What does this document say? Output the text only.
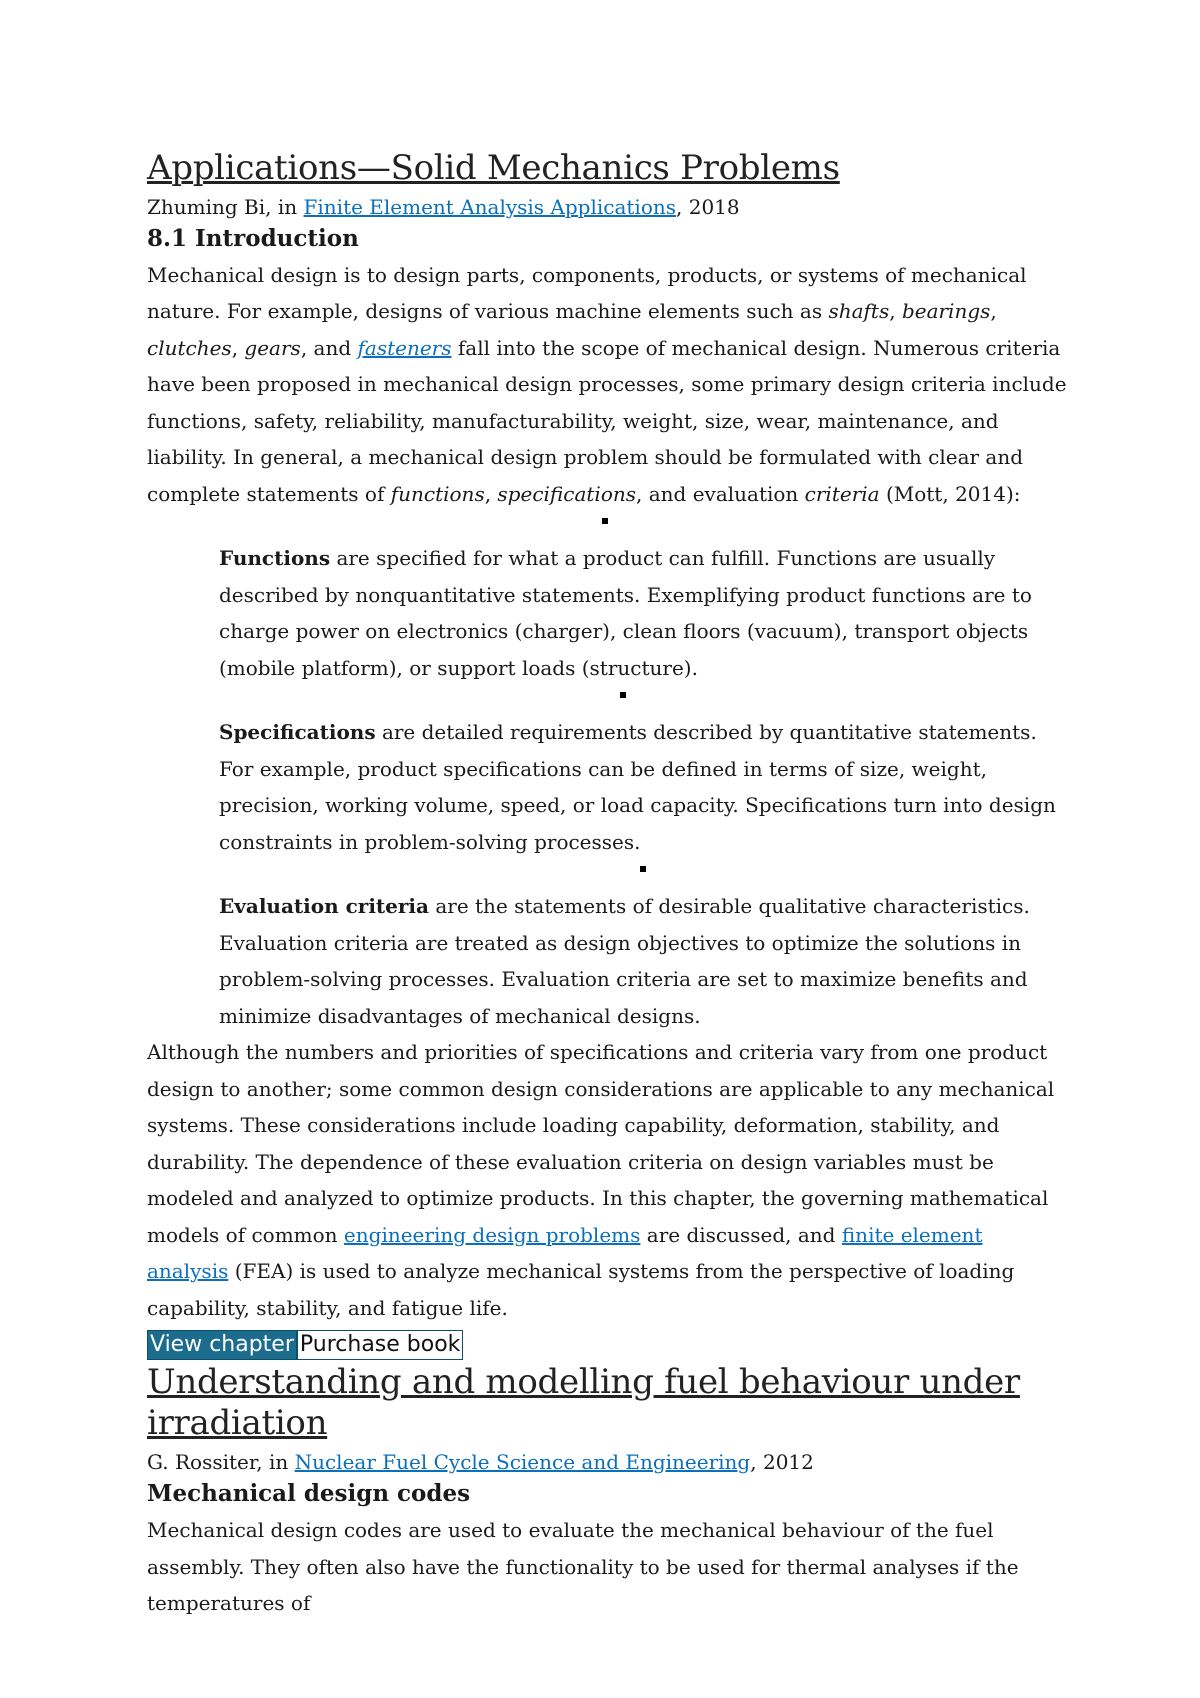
Applications—Solid Mechanics Problems

Zhuming Bi, in Finite Element Analysis Applications, 2018

8.1 Introduction

Mechanical design is to design parts, components, products, or systems of mechanical nature. For example, designs of various machine elements such as shafts, bearings, clutches, gears, and fasteners fall into the scope of mechanical design. Numerous criteria have been proposed in mechanical design processes, some primary design criteria include functions, safety, reliability, manufacturability, weight, size, wear, maintenance, and liability. In general, a mechanical design problem should be formulated with clear and complete statements of functions, specifications, and evaluation criteria (Mott, 2014):

Functions are specified for what a product can fulfill. Functions are usually described by nonquantitative statements. Exemplifying product functions are to charge power on electronics (charger), clean floors (vacuum), transport objects (mobile platform), or support loads (structure).
Specifications are detailed requirements described by quantitative statements. For example, product specifications can be defined in terms of size, weight, precision, working volume, speed, or load capacity. Specifications turn into design constraints in problem-solving processes.
Evaluation criteria are the statements of desirable qualitative characteristics. Evaluation criteria are treated as design objectives to optimize the solutions in problem-solving processes. Evaluation criteria are set to maximize benefits and minimize disadvantages of mechanical designs.

Although the numbers and priorities of specifications and criteria vary from one product design to another; some common design considerations are applicable to any mechanical systems. These considerations include loading capability, deformation, stability, and durability. The dependence of these evaluation criteria on design variables must be modeled and analyzed to optimize products. In this chapter, the governing mathematical models of common engineering design problems are discussed, and finite element analysis (FEA) is used to analyze mechanical systems from the perspective of loading capability, stability, and fatigue life.

View chapter Purchase book
Understanding and modelling fuel behaviour under irradiation

G. Rossiter, in Nuclear Fuel Cycle Science and Engineering, 2012

Mechanical design codes

Mechanical design codes are used to evaluate the mechanical behaviour of the fuel assembly. They often also have the functionality to be used for thermal analyses if the temperatures of
